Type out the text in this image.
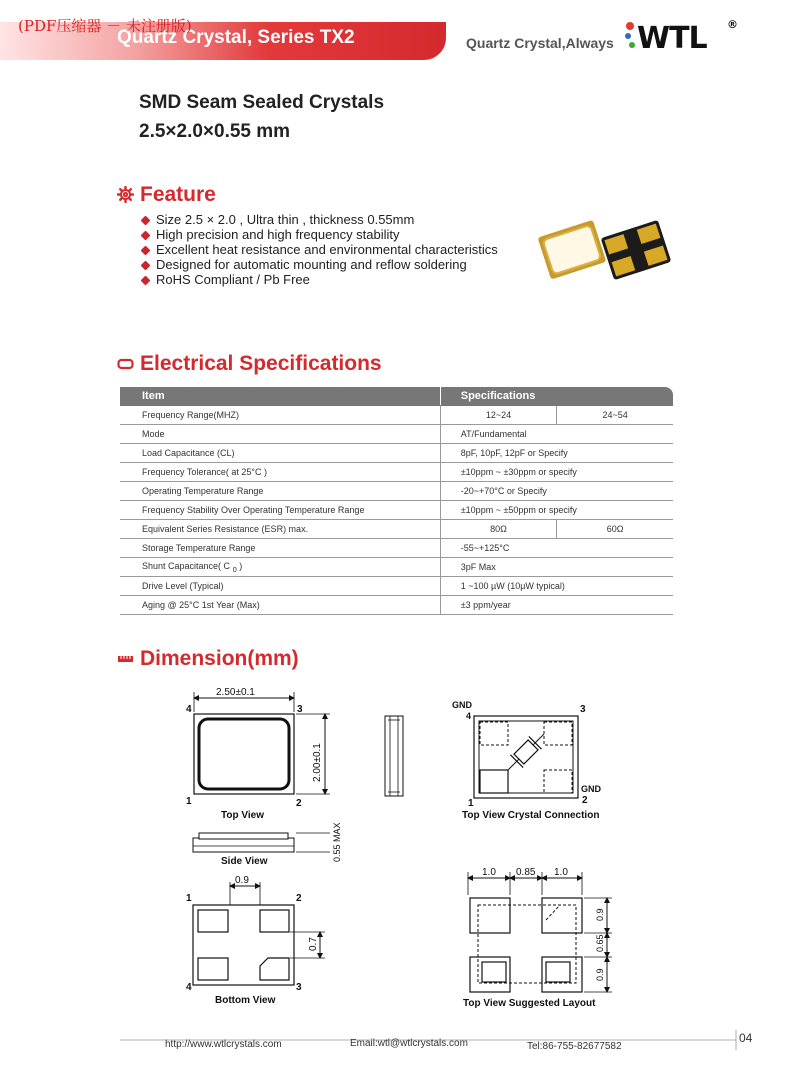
Quartz Crystal, Series TX2
(PDF压缩器 － 未注册版)
Quartz Crystal,Always WTL ®
SMD Seam Sealed Crystals
2.5×2.0×0.55 mm
Feature
Size 2.5 × 2.0 , Ultra thin , thickness 0.55mm
High precision and high frequency stability
Excellent heat resistance and environmental characteristics
Designed for automatic mounting and reflow soldering
RoHS Compliant / Pb Free
Electrical Specifications
Item	Specifications	
Frequency Range(MHZ)	12~24	24~54
Mode	AT/Fundamental	
Load Capacitance (CL)	8pF, 10pF, 12pF or Specify	
Frequency Tolerance( at 25°C )	±10ppm ~ ±30ppm or specify	
Operating Temperature Range	-20~+70°C or Specify	
Frequency Stability Over Operating Temperature Range	±10ppm ~ ±50ppm or specify	
Equivalent Series Resistance (ESR) max.	80Ω	60Ω
Storage Temperature Range	-55~+125°C	
Shunt Capacitance( C $_0$ )	3pF Max	
Drive Level (Typical)	1 ~100 µW (10µW typical)	
Aging @ 25°C 1st Year (Max)	±3 ppm/year	
Dimension(mm)
2.50±0.1
2.00±0.1
4	3
1	2
Top View
0.55 MAX
Side View
0.9
0.7
1	2
4	3
Bottom View
GND
4
3
GND
1	2
Top View Crystal Connection
1.0 0.85 1.0
0.9
0.65
0.9
Top View Suggested Layout
http://www.wtlcrystals.com	Email:wtl@wtlcrystals.com	Tel:86-755-82677582
04
